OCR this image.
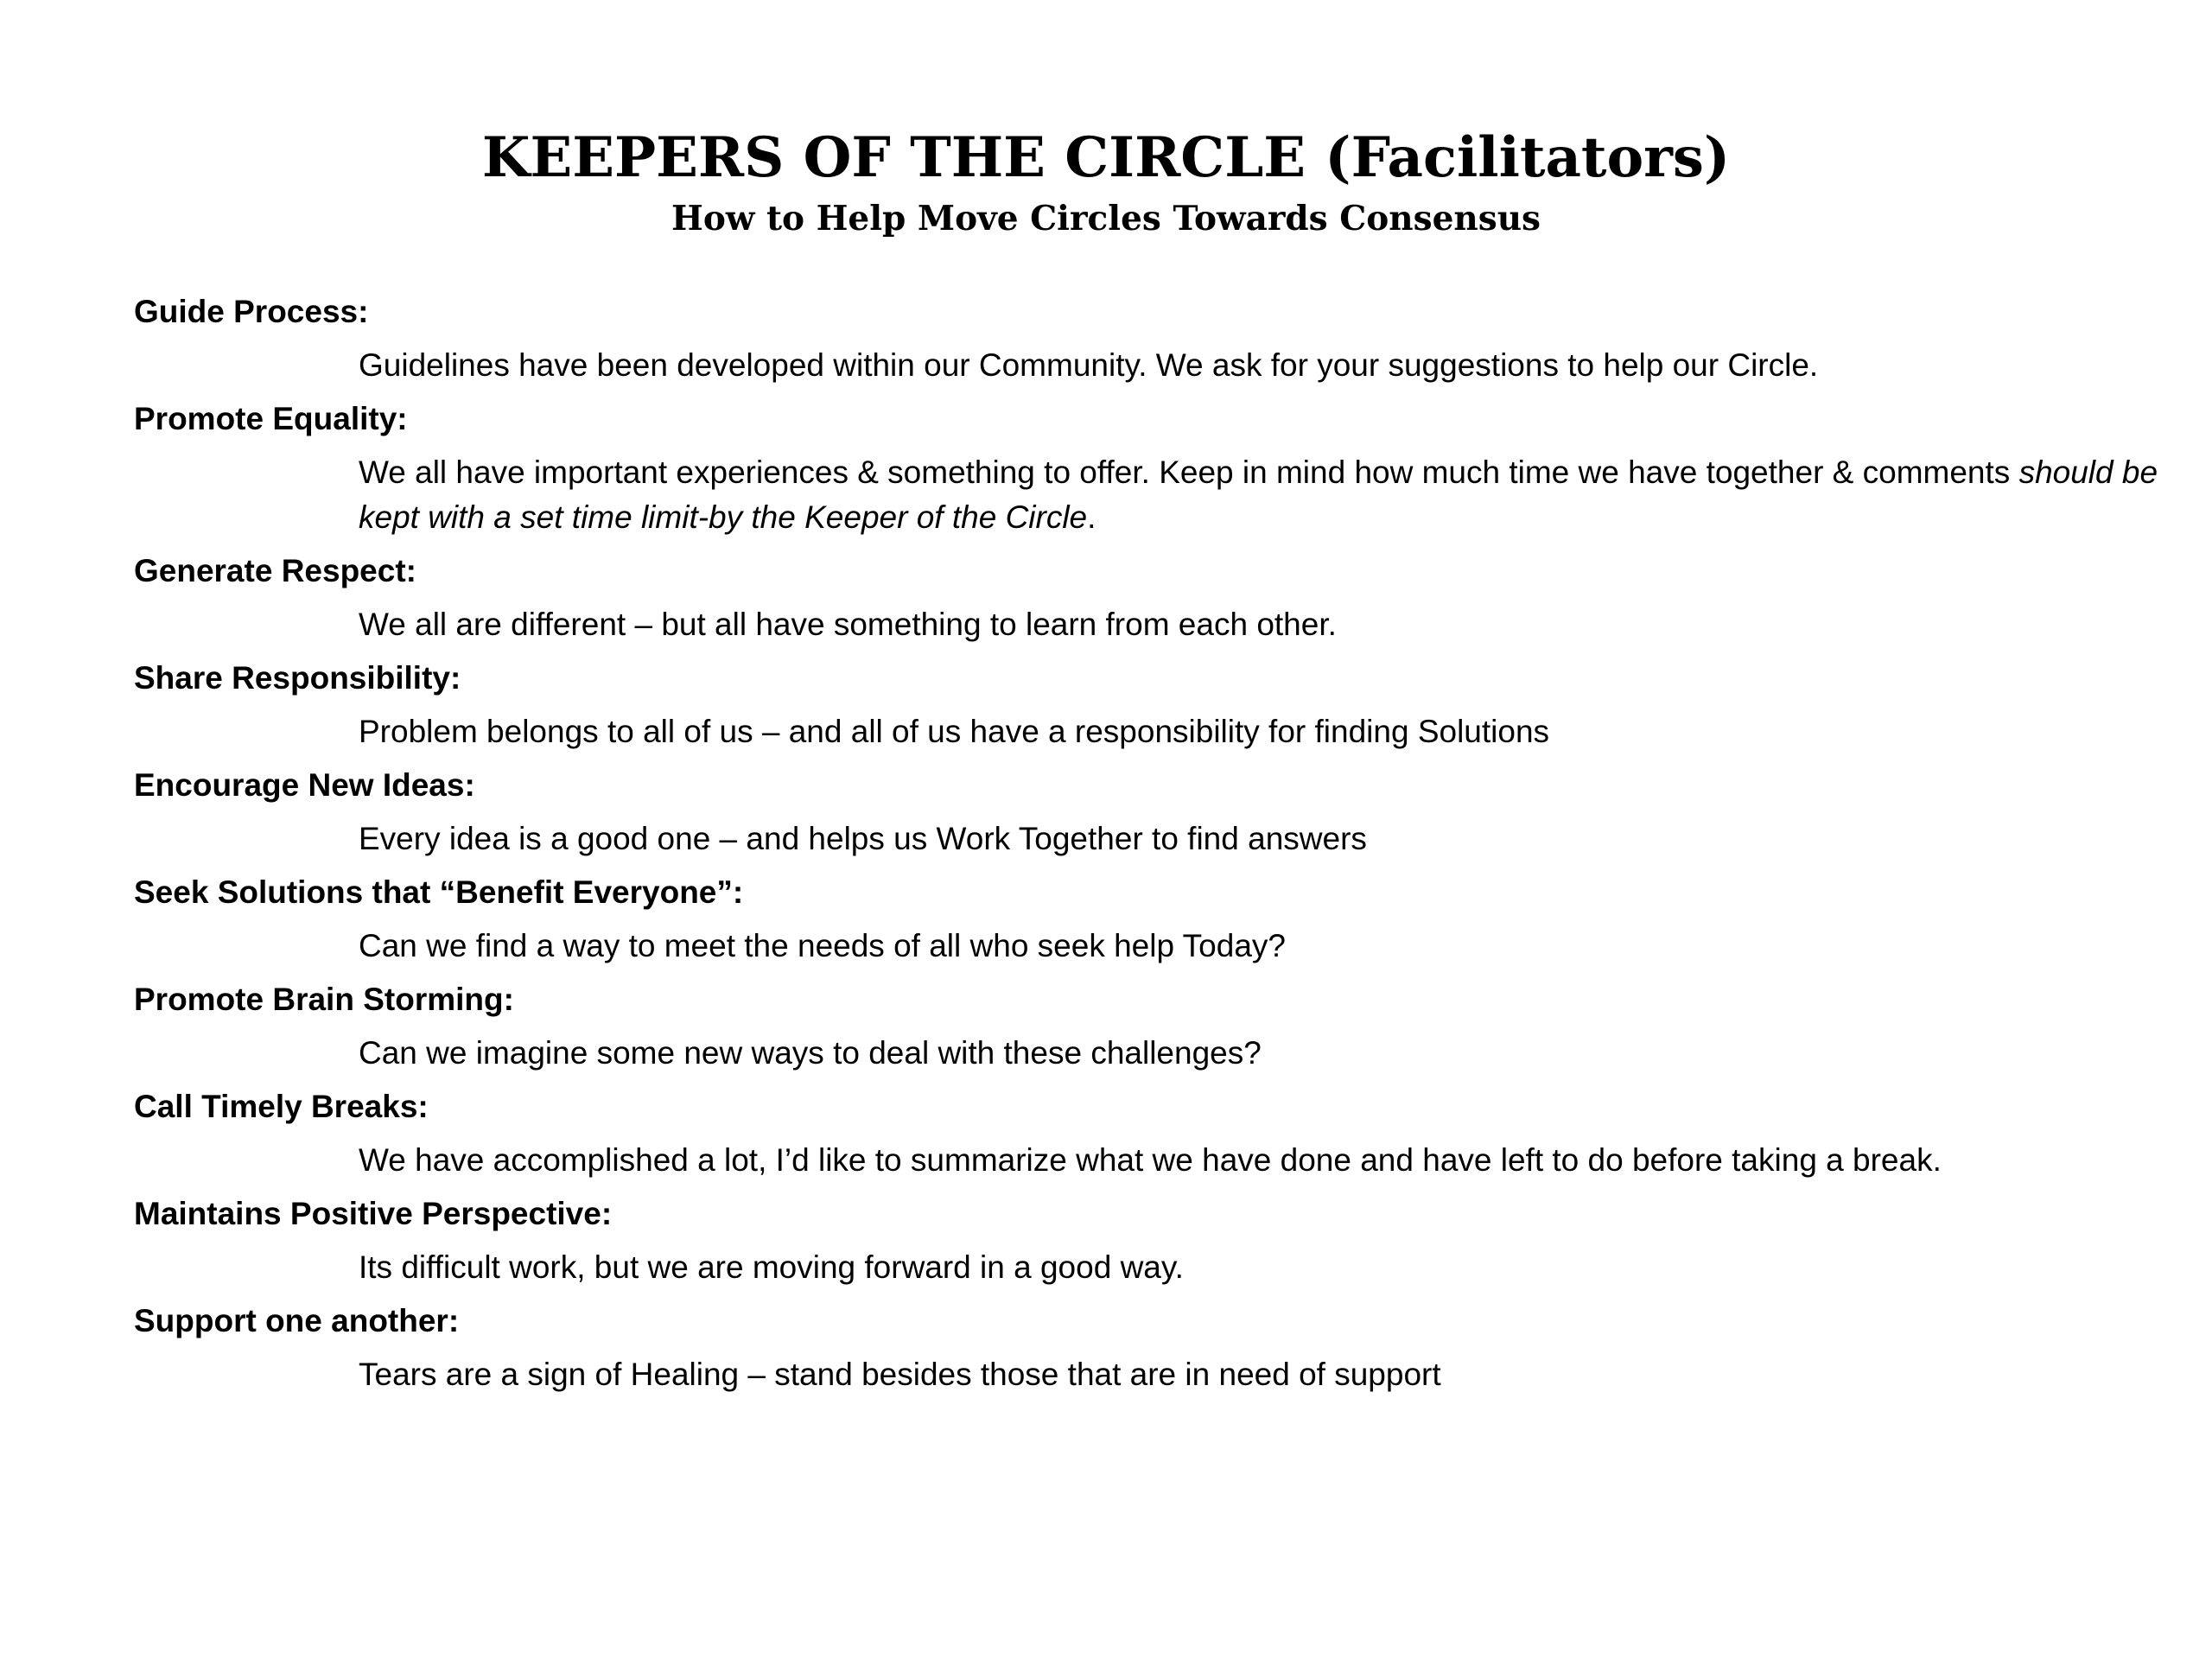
KEEPERS OF THE CIRCLE (Facilitators)
How to Help Move Circles Towards Consensus

Guide Process:

Guidelines have been developed within our Community. We ask for your suggestions to help our Circle.

Promote Equality:

We all have important experiences & something to offer. Keep in mind how much time we have together & comments should be kept with a set time limit-by the Keeper of the Circle.

Generate Respect:

We all are different – but all have something to learn from each other.

Share Responsibility:

Problem belongs to all of us – and all of us have a responsibility for finding Solutions

Encourage New Ideas:

Every idea is a good one – and helps us Work Together to find answers

Seek Solutions that “Benefit Everyone”:

Can we find a way to meet the needs of all who seek help Today?

Promote Brain Storming:

Can we imagine some new ways to deal with these challenges?

Call Timely Breaks:

We have accomplished a lot, I’d like to summarize what we have done and have left to do before taking a break.

Maintains Positive Perspective:

Its difficult work, but we are moving forward in a good way.

Support one another:

Tears are a sign of Healing – stand besides those that are in need of support
